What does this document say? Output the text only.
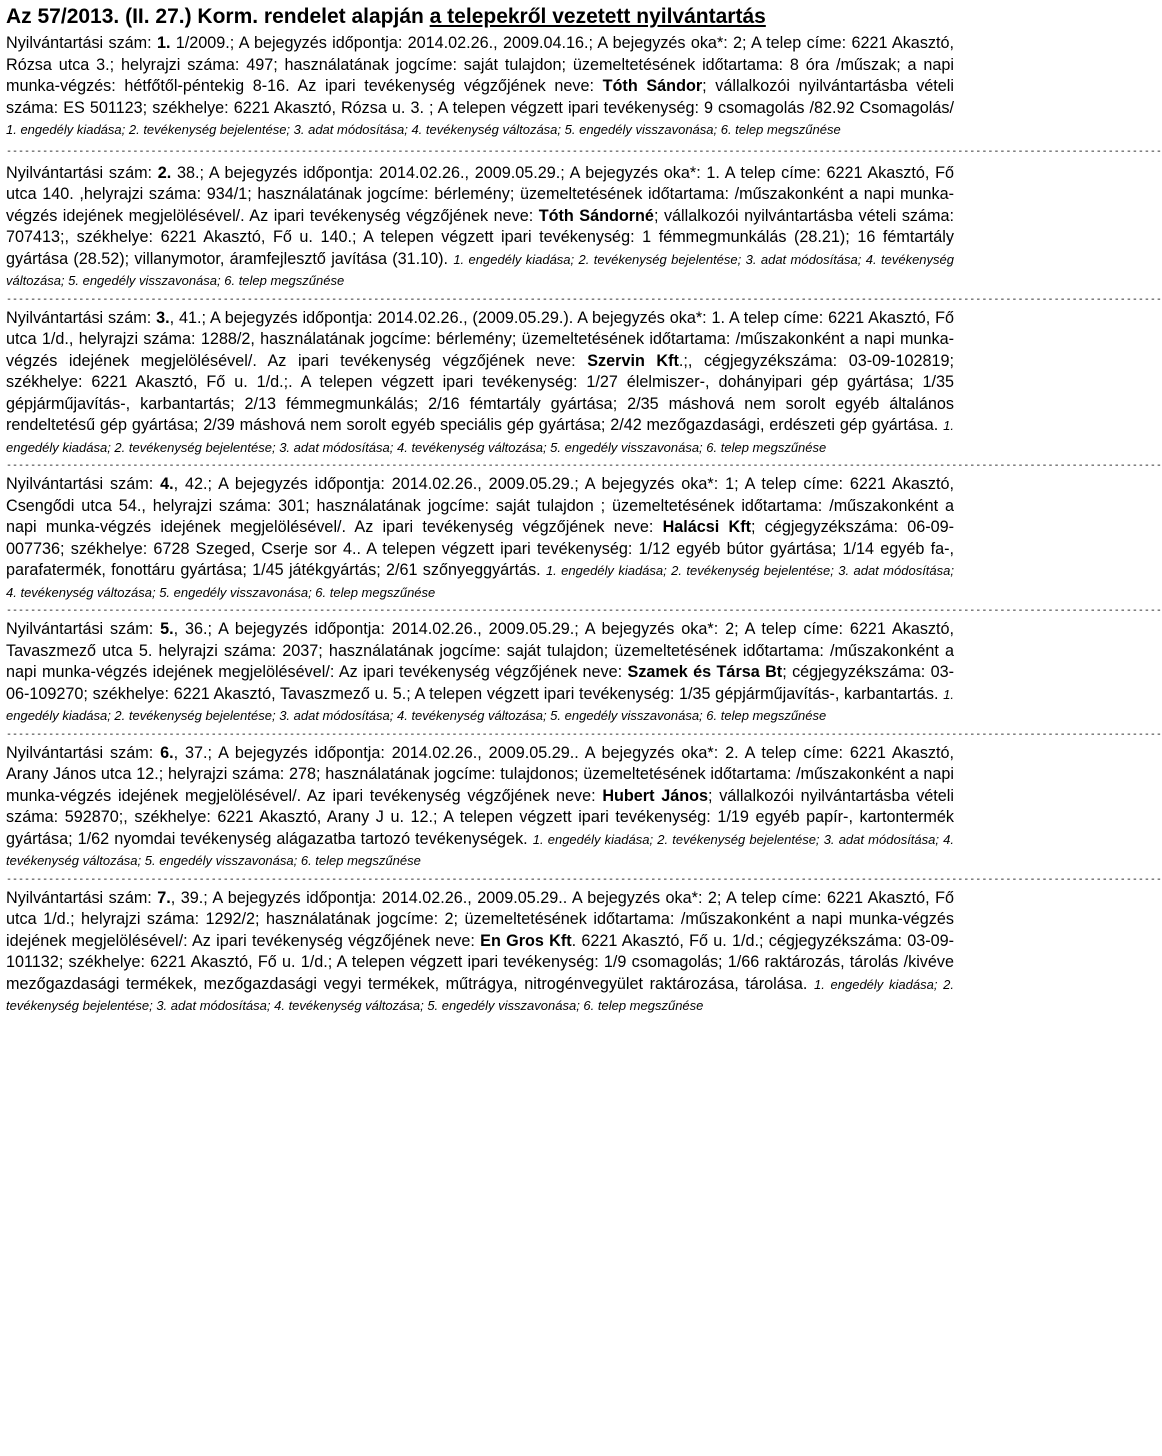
Az 57/2013. (II. 27.) Korm. rendelet alapján a telepekről vezetett nyilvántartás

Nyilvántartási szám: 1. 1/2009.; A bejegyzés időpontja: 2014.02.26., 2009.04.16.; A bejegyzés oka*: 2; A telep címe: 6221 Akasztó, Rózsa utca 3.; helyrajzi száma: 497; használatának jogcíme: saját tulajdon; üzemeltetésének időtartama: 8 óra /műszak; a napi munka-végzés: hétfőtől-péntekig 8-16. Az ipari tevékenység végzőjének neve: Tóth Sándor; vállalkozói nyilvántartásba vételi száma: ES 501123; székhelye: 6221 Akasztó, Rózsa u. 3. ; A telepen végzett ipari tevékenység: 9 csomagolás /82.92 Csomagolás/ 1. engedély kiadása; 2. tevékenység bejelentése; 3. adat módosítása; 4. tevékenység változása; 5. engedély visszavonása; 6. telep megszűnése

------------------------------------------------------------------------------------------------------------------------------------------------------------------------------------------------

Nyilvántartási szám: 2. 38.; A bejegyzés időpontja: 2014.02.26., 2009.05.29.; A bejegyzés oka*: 1. A telep címe: 6221 Akasztó, Fő utca 140. ,helyrajzi száma: 934/1; használatának jogcíme: bérlemény; üzemeltetésének időtartama: /műszakonként a napi munka-végzés idejének megjelölésével/. Az ipari tevékenység végzőjének neve: Tóth Sándorné; vállalkozói nyilvántartásba vételi száma: 707413;, székhelye: 6221 Akasztó, Fő u. 140.; A telepen végzett ipari tevékenység: 1 fémmegmunkálás (28.21); 16 fémtartály gyártása (28.52); villanymotor, áramfejlesztő javítása (31.10). 1. engedély kiadása; 2. tevékenység bejelentése; 3. adat módosítása; 4. tevékenység változása; 5. engedély visszavonása; 6. telep megszűnése

------------------------------------------------------------------------------------------------------------------------------------------------------------------------------------------------

Nyilvántartási szám: 3., 41.; A bejegyzés időpontja: 2014.02.26., (2009.05.29.). A bejegyzés oka*: 1. A telep címe: 6221 Akasztó, Fő utca 1/d., helyrajzi száma: 1288/2, használatának jogcíme: bérlemény; üzemeltetésének időtartama: /műszakonként a napi munka-végzés idejének megjelölésével/. Az ipari tevékenység végzőjének neve: Szervin Kft.;, cégjegyzékszáma: 03-09-102819; székhelye: 6221 Akasztó, Fő u. 1/d.;. A telepen végzett ipari tevékenység: 1/27 élelmiszer-, dohányipari gép gyártása; 1/35 gépjárműjavítás-, karbantartás; 2/13 fémmegmunkálás; 2/16 fémtartály gyártása; 2/35 máshová nem sorolt egyéb általános rendeltetésű gép gyártása; 2/39 máshová nem sorolt egyéb speciális gép gyártása; 2/42 mezőgazdasági, erdészeti gép gyártása. 1. engedély kiadása; 2. tevékenység bejelentése; 3. adat módosítása; 4. tevékenység változása; 5. engedély visszavonása; 6. telep megszűnése

------------------------------------------------------------------------------------------------------------------------------------------------------------------------------------------------

Nyilvántartási szám: 4., 42.; A bejegyzés időpontja: 2014.02.26., 2009.05.29.; A bejegyzés oka*: 1; A telep címe: 6221 Akasztó, Csengődi utca 54., helyrajzi száma: 301; használatának jogcíme: saját tulajdon ; üzemeltetésének időtartama: /műszakonként a napi munka-végzés idejének megjelölésével/. Az ipari tevékenység végzőjének neve: Halácsi Kft; cégjegyzékszáma: 06-09-007736; székhelye: 6728 Szeged, Cserje sor 4.. A telepen végzett ipari tevékenység: 1/12 egyéb bútor gyártása; 1/14 egyéb fa-, parafatermék, fonottáru gyártása; 1/45 játékgyártás; 2/61 szőnyeggyártás. 1. engedély kiadása; 2. tevékenység bejelentése; 3. adat módosítása; 4. tevékenység változása; 5. engedély visszavonása; 6. telep megszűnése

------------------------------------------------------------------------------------------------------------------------------------------------------------------------------------------------

Nyilvántartási szám: 5., 36.; A bejegyzés időpontja: 2014.02.26., 2009.05.29.; A bejegyzés oka*: 2; A telep címe: 6221 Akasztó, Tavaszmező utca 5. helyrajzi száma: 2037; használatának jogcíme: saját tulajdon; üzemeltetésének időtartama: /műszakonként a napi munka-végzés idejének megjelölésével/: Az ipari tevékenység végzőjének neve: Szamek és Társa Bt; cégjegyzékszáma: 03-06-109270; székhelye: 6221 Akasztó, Tavaszmező u. 5.; A telepen végzett ipari tevékenység: 1/35 gépjárműjavítás-, karbantartás. 1. engedély kiadása; 2. tevékenység bejelentése; 3. adat módosítása; 4. tevékenység változása; 5. engedély visszavonása; 6. telep megszűnése

------------------------------------------------------------------------------------------------------------------------------------------------------------------------------------------------

Nyilvántartási szám: 6., 37.; A bejegyzés időpontja: 2014.02.26., 2009.05.29.. A bejegyzés oka*: 2. A telep címe: 6221 Akasztó, Arany János utca 12.; helyrajzi száma: 278; használatának jogcíme: tulajdonos; üzemeltetésének időtartama: /műszakonként a napi munka-végzés idejének megjelölésével/. Az ipari tevékenység végzőjének neve: Hubert János; vállalkozói nyilvántartásba vételi száma: 592870;, székhelye: 6221 Akasztó, Arany J u. 12.; A telepen végzett ipari tevékenység: 1/19 egyéb papír-, kartontermék gyártása; 1/62 nyomdai tevékenység alágazatba tartozó tevékenységek. 1. engedély kiadása; 2. tevékenység bejelentése; 3. adat módosítása; 4. tevékenység változása; 5. engedély visszavonása; 6. telep megszűnése

------------------------------------------------------------------------------------------------------------------------------------------------------------------------------------------------

Nyilvántartási szám: 7., 39.; A bejegyzés időpontja: 2014.02.26., 2009.05.29.. A bejegyzés oka*: 2; A telep címe: 6221 Akasztó, Fő utca 1/d.; helyrajzi száma: 1292/2; használatának jogcíme: 2; üzemeltetésének időtartama: /műszakonként a napi munka-végzés idejének megjelölésével/: Az ipari tevékenység végzőjének neve: En Gros Kft. 6221 Akasztó, Fő u. 1/d.; cégjegyzékszáma: 03-09-101132; székhelye: 6221 Akasztó, Fő u. 1/d.; A telepen végzett ipari tevékenység: 1/9 csomagolás; 1/66 raktározás, tárolás /kivéve mezőgazdasági termékek, mezőgazdasági vegyi termékek, műtrágya, nitrogénvegyület raktározása, tárolása. 1. engedély kiadása; 2. tevékenység bejelentése; 3. adat módosítása; 4. tevékenység változása; 5. engedély visszavonása; 6. telep megszűnése
